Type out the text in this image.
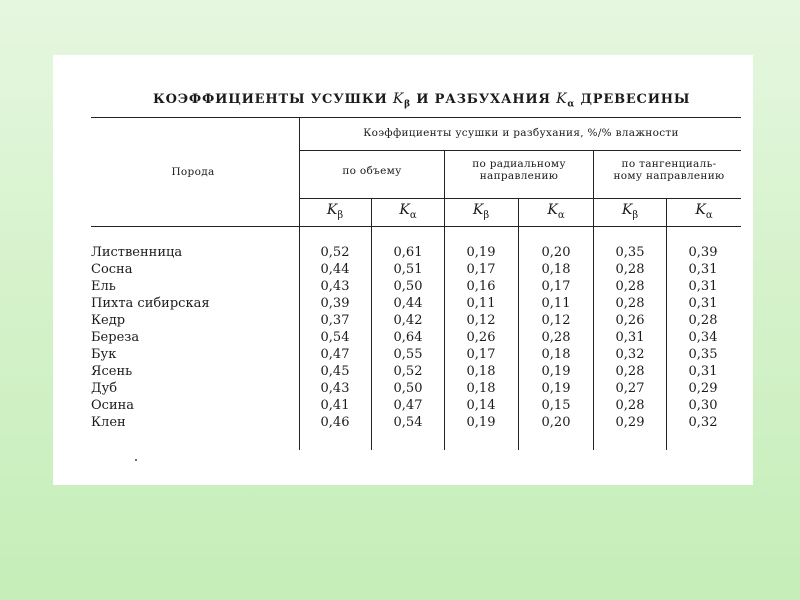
КОЭФФИЦИЕНТЫ УСУШКИ $K_\beta$ И РАЗБУХАНИЯ $K_\alpha$ ДРЕВЕСИНЫ
Порода
Коэффициенты усушки и разбухания, %/% влажности
по объему
по радиальному
направлению
по тангенциаль-
ному направлению
$K_\beta$	$K_\alpha$	$K_\beta$	$K_\alpha$	$K_\beta$	$K_\alpha$
Лиственница	0,52	0,61	0,19	0,20	0,35	0,39
Сосна	0,44	0,51	0,17	0,18	0,28	0,31
Ель	0,43	0,50	0,16	0,17	0,28	0,31
Пихта сибирская	0,39	0,44	0,11	0,11	0,28	0,31
Кедр	0,37	0,42	0,12	0,12	0,26	0,28
Береза	0,54	0,64	0,26	0,28	0,31	0,34
Бук	0,47	0,55	0,17	0,18	0,32	0,35
Ясень	0,45	0,52	0,18	0,19	0,28	0,31
Дуб	0,43	0,50	0,18	0,19	0,27	0,29
Осина	0,41	0,47	0,14	0,15	0,28	0,30
Клен	0,46	0,54	0,19	0,20	0,29	0,32
